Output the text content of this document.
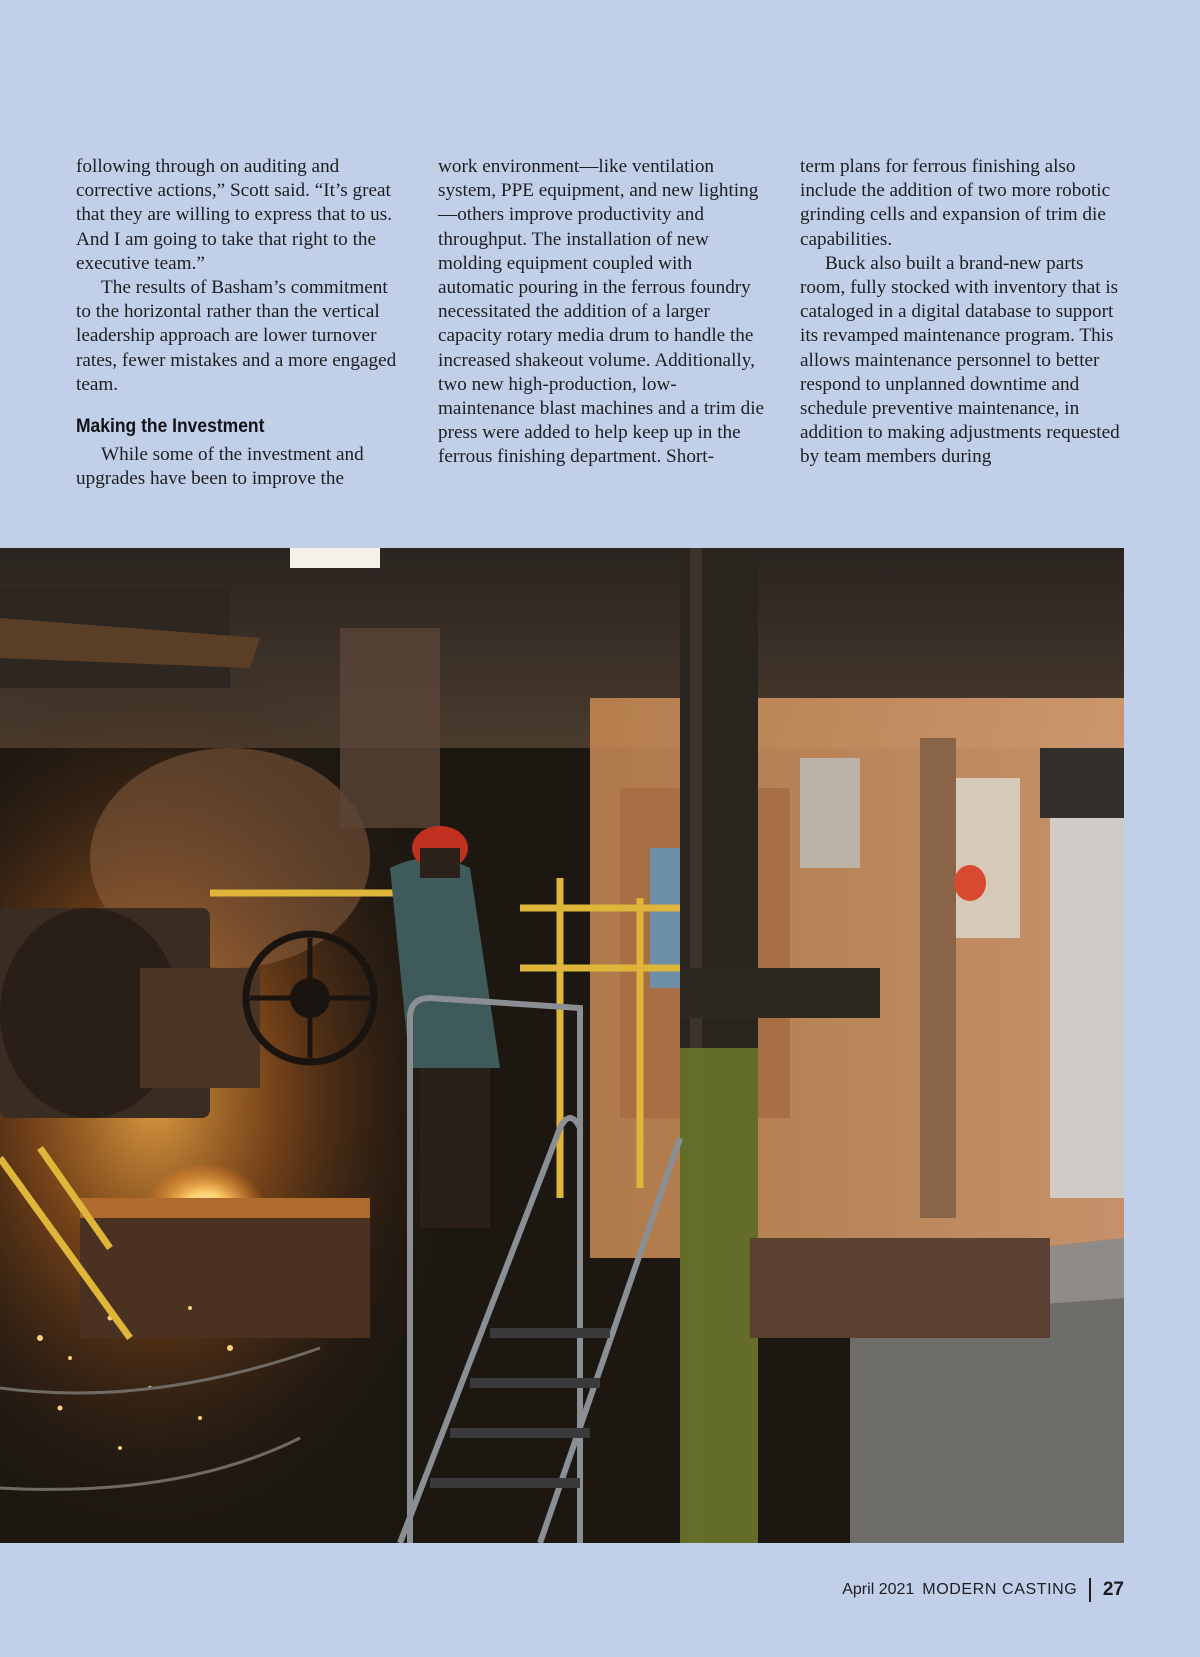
following through on auditing and corrective actions,” Scott said. “It’s great that they are willing to express that to us. And I am going to take that right to the executive team.”

The results of Basham’s commitment to the horizontal rather than the vertical leadership approach are lower turnover rates, fewer mistakes and a more engaged team.

Making the Investment

While some of the investment and upgrades have been to improve the

work environment—like ventilation system, PPE equipment, and new lighting—others improve productivity and throughput. The installation of new molding equipment coupled with automatic pouring in the ferrous foundry necessitated the addition of a larger capacity rotary media drum to handle the increased shakeout volume. Additionally, two new high-production, low-maintenance blast machines and a trim die press were added to help keep up in the ferrous finishing department. Short-

term plans for ferrous finishing also include the addition of two more robotic grinding cells and expansion of trim die capabilities.

Buck also built a brand-new parts room, fully stocked with inventory that is cataloged in a digital database to support its revamped maintenance program. This allows maintenance personnel to better respond to unplanned downtime and schedule preventive maintenance, in addition to making adjustments requested by team members during

April 2021 MODERN CASTING 27
